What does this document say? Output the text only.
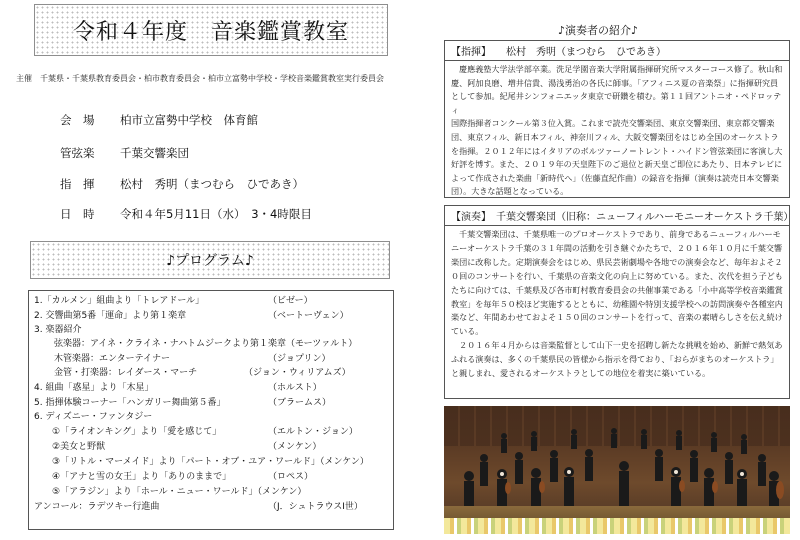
令和４年度　音楽鑑賞教室
主催　千葉県・千葉県教育委員会・柏市教育委員会・柏市立富勢中学校・学校音楽鑑賞教室実行委員会
会　場 柏市立富勢中学校　体育館
管弦楽 千葉交響楽団
指　揮 松村　秀明（まつむら　ひであき）
日　時 令和４年5月11日（水）　3・4時限目
♪プログラム♪
1.「カルメン」組曲より「トレアドール」	（ビゼー）
2. 交響曲第5番「運命」より第１楽章	（ベートーヴェン）
3. 楽器紹介
弦楽器：アイネ・クライネ・ナハトムジークより第１楽章（モーツァルト）
木管楽器：エンターテイナー	（ジョプリン）
金管・打楽器：レイダース・マーチ	（ジョン・ウィリアムズ）
4. 組曲「惑星」より「木星」	（ホルスト）
5. 指揮体験コーナー「ハンガリー舞曲第５番」	（ブラームス）
6. ディズニー・ファンタジー
①「ライオンキング」より「愛を感じて」	（エルトン・ジョン）
②美女と野獣	（メンケン）
③「リトル・マーメイド」より「パート・オブ・ユア・ワールド」（メンケン）
④「アナと雪の女王」より「ありのままで」	（ロペス）
⑤「アラジン」より「ホール・ニュー・ワールド」（メンケン）
アンコール：ラデツキー行進曲	（J．シュトラウスⅠ世）
♪演奏者の紹介♪
【指揮】　　松村　秀明（まつむら　ひであき）
慶應義塾大学法学部卒業。洗足学園音楽大学附属指揮研究所マスターコース修了。秋山和
慶、阿加良磨、増井信貴、湯浅勇治の各氏に師事。「アフィニス夏の音楽祭」に指揮研究員
として参加。紀尾井シンフォニエッタ東京で研鑽を積む。第１１回アントニオ・ペドロッティ
国際指揮者コンクール第３位入賞。これまで読売交響楽団、東京交響楽団、東京都交響楽
団、東京フィル、新日本フィル、神奈川フィル、大阪交響楽団をはじめ全国のオーケストラ
を指揮。２０１２年にはイタリアのボルツァーノ＝トレント・ハイドン管弦楽団に客演し大
好評を博す。また、２０１９年の天皇陛下のご退位と新天皇ご即位にあたり、日本テレビに
よって作成された楽曲「新時代へ」（佐藤直紀作曲）の録音を指揮（演奏は読売日本交響楽
団）。大きな話題となっている。
【演奏】　千葉交響楽団（旧称：ニューフィルハーモニーオーケストラ千葉）
千葉交響楽団は、千葉県唯一のプロオーケストラであり、前身であるニューフィルハーモ
ニーオーケストラ千葉の３１年間の活動を引き継ぐかたちで、２０１６年１０月に千葉交響
楽団に改称した。定期演奏会をはじめ、県民芸術劇場や各地での演奏会など、毎年およそ２
０回のコンサートを行い、千葉県の音楽文化の向上に努めている。また、次代を担う子ども
たちに向けては、千葉県及び各市町村教育委員会の共催事業である「小中高等学校音楽鑑賞
教室」を毎年５０校ほど実施するとともに、幼稚園や特別支援学校への訪問演奏や各種室内
楽など、年間あわせておよそ１５０回のコンサートを行って、音楽の素晴らしさを伝え続け
ている。
２０１６年４月からは音楽監督として山下一史を招聘し新たな挑戦を始め、新鮮で熱気あ
ふれる演奏は、多くの千葉県民の皆様から指示を得ており、「おらがまちのオーケストラ」
と親しまれ、愛されるオーケストラとしての地位を着実に築いている。
